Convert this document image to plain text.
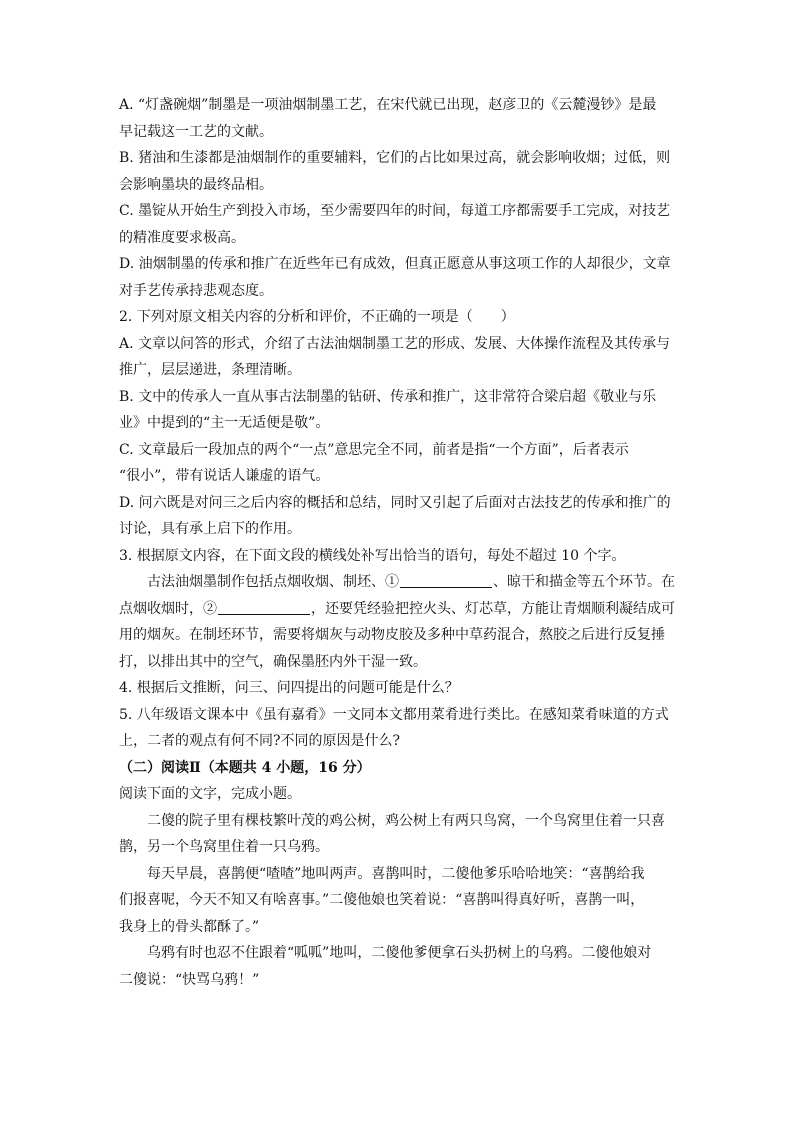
A. “灯盏碗烟”制墨是一项油烟制墨工艺，在宋代就已出现，赵彦卫的《云麓漫钞》是最
早记载这一工艺的文献。
B. 猪油和生漆都是油烟制作的重要辅料，它们的占比如果过高，就会影响收烟；过低，则
会影响墨块的最终品相。
C. 墨锭从开始生产到投入市场，至少需要四年的时间，每道工序都需要手工完成，对技艺
的精准度要求极高。
D. 油烟制墨的传承和推广在近些年已有成效，但真正愿意从事这项工作的人却很少，文章
对手艺传承持悲观态度。
2. 下列对原文相关内容的分析和评价，不正确的一项是（　　）
A. 文章以问答的形式，介绍了古法油烟制墨工艺的形成、发展、大体操作流程及其传承与
推广，层层递进，条理清晰。
B. 文中的传承人一直从事古法制墨的钻研、传承和推广，这非常符合梁启超《敬业与乐
业》中提到的“主一无适便是敬”。
C. 文章最后一段加点的两个“一点”意思完全不同，前者是指“一个方面”，后者表示
“很小”，带有说话人谦虚的语气。
D. 问六既是对问三之后内容的概括和总结，同时又引起了后面对古法技艺的传承和推广的
讨论，具有承上启下的作用。
3. 根据原文内容，在下面文段的横线处补写出恰当的语句，每处不超过 10 个字。
古法油烟墨制作包括点烟收烟、制坯、①	、晾干和描金等五个环节。在
点烟收烟时，②	，还要凭经验把控火头、灯芯草，方能让青烟顺利凝结成可
用的烟灰。在制坯环节，需要将烟灰与动物皮胶及多种中草药混合，熬胶之后进行反复捶
打，以排出其中的空气，确保墨胚内外干湿一致。
4. 根据后文推断，问三、问四提出的问题可能是什么？
5. 八年级语文课本中《虽有嘉肴》一文同本文都用菜肴进行类比。在感知菜肴味道的方式
上，二者的观点有何不同?不同的原因是什么?
（二）阅读Ⅱ（本题共 4 小题，16 分）
阅读下面的文字，完成小题。
二傻的院子里有棵枝繁叶茂的鸡公树，鸡公树上有两只鸟窝，一个鸟窝里住着一只喜
鹊，另一个鸟窝里住着一只乌鸦。
每天早晨，喜鹊便“喳喳”地叫两声。喜鹊叫时，二傻他爹乐哈哈地笑：“喜鹊给我
们报喜呢，今天不知又有啥喜事。”二傻他娘也笑着说：“喜鹊叫得真好听，喜鹊一叫，
我身上的骨头都酥了。”
乌鸦有时也忍不住跟着“呱呱”地叫，二傻他爹便拿石头扔树上的乌鸦。二傻他娘对
二傻说：“快骂乌鸦！”
